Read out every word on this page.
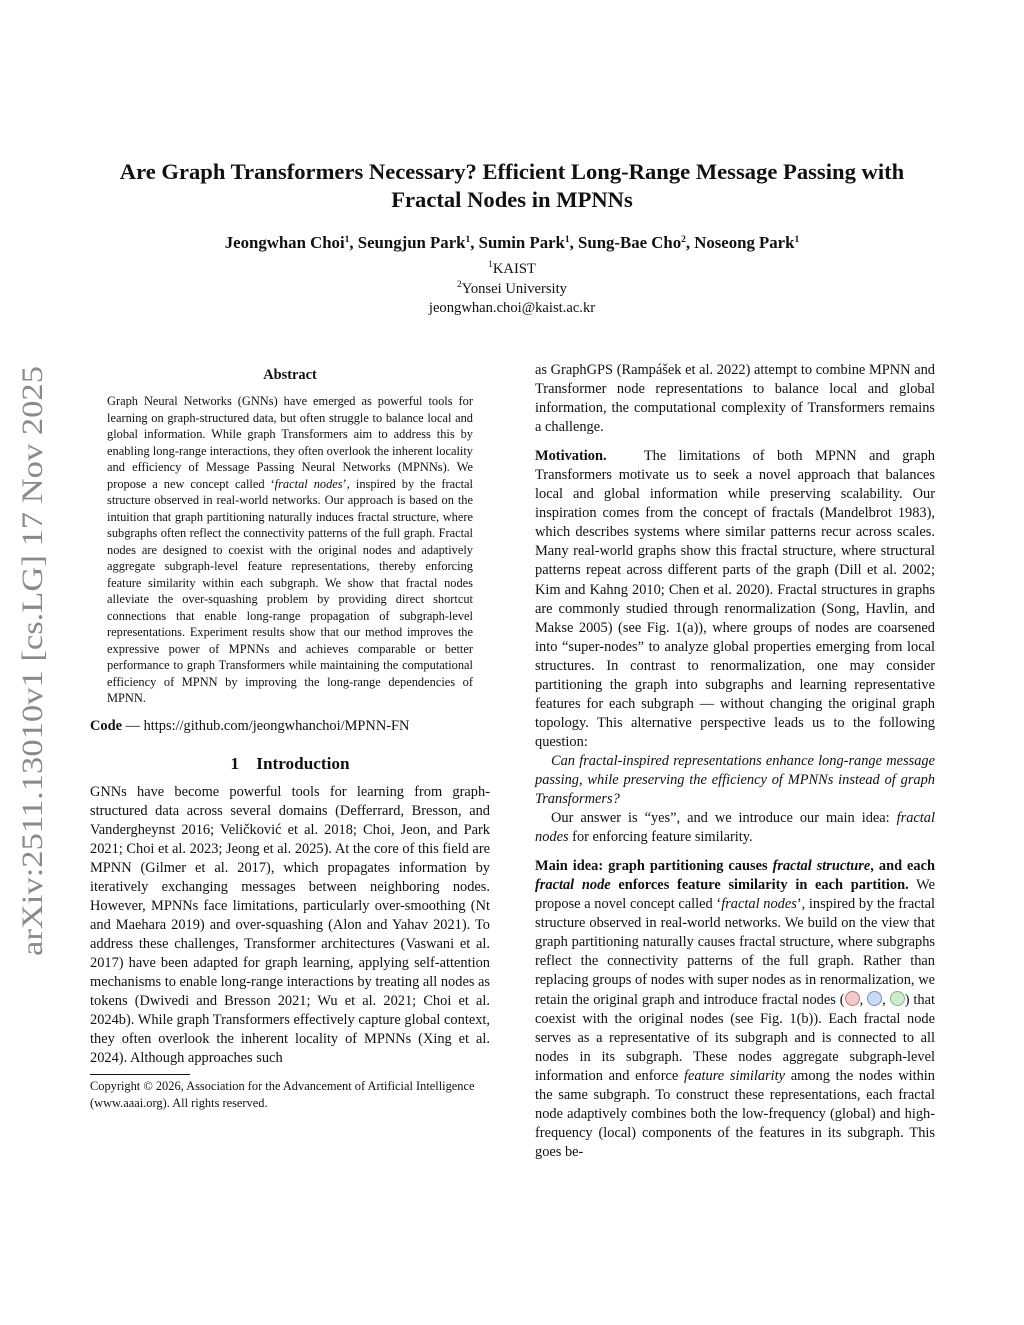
arXiv:2511.13010v1 [cs.LG] 17 Nov 2025
Are Graph Transformers Necessary? Efficient Long-Range Message Passing with
Fractal Nodes in MPNNs
Jeongwhan Choi$^1$, Seungjun Park$^1$, Sumin Park$^1$, Sung-Bae Cho$^2$, Noseong Park$^1$
$^1$KAIST
$^2$Yonsei University
jeongwhan.choi@kaist.ac.kr
Abstract

Graph Neural Networks (GNNs) have emerged as powerful tools for learning on graph-structured data, but often struggle to balance local and global information. While graph Transformers aim to address this by enabling long-range interactions, they often overlook the inherent locality and efficiency of Message Passing Neural Networks (MPNNs). We propose a new concept called ‘fractal nodes’, inspired by the fractal structure observed in real-world networks. Our approach is based on the intuition that graph partitioning naturally induces fractal structure, where subgraphs often reflect the connectivity patterns of the full graph. Fractal nodes are designed to coexist with the original nodes and adaptively aggregate subgraph-level feature representations, thereby enforcing feature similarity within each subgraph. We show that fractal nodes alleviate the over-squashing problem by providing direct shortcut connections that enable long-range propagation of subgraph-level representations. Experiment results show that our method improves the expressive power of MPNNs and achieves comparable or better performance to graph Transformers while maintaining the computational efficiency of MPNN by improving the long-range dependencies of MPNN.

Code — https://github.com/jeongwhanchoi/MPNN-FN

1 Introduction

GNNs have become powerful tools for learning from graph-structured data across several domains (Defferrard, Bresson, and Vandergheynst 2016; Veličković et al. 2018; Choi, Jeon, and Park 2021; Choi et al. 2023; Jeong et al. 2025). At the core of this field are MPNN (Gilmer et al. 2017), which propagates information by iteratively exchanging messages between neighboring nodes. However, MPNNs face limitations, particularly over-smoothing (Nt and Maehara 2019) and over-squashing (Alon and Yahav 2021). To address these challenges, Transformer architectures (Vaswani et al. 2017) have been adapted for graph learning, applying self-attention mechanisms to enable long-range interactions by treating all nodes as tokens (Dwivedi and Bresson 2021; Wu et al. 2021; Choi et al. 2024b). While graph Transformers effectively capture global context, they often overlook the inherent locality of MPNNs (Xing et al. 2024). Although approaches such

Copyright © 2026, Association for the Advancement of Artificial Intelligence (www.aaai.org). All rights reserved.

as GraphGPS (Rampášek et al. 2022) attempt to combine MPNN and Transformer node representations to balance local and global information, the computational complexity of Transformers remains a challenge.

Motivation.	The limitations of both MPNN and graph Transformers motivate us to seek a novel approach that balances local and global information while preserving scalability. Our inspiration comes from the concept of fractals (Mandelbrot 1983), which describes systems where similar patterns recur across scales. Many real-world graphs show this fractal structure, where structural patterns repeat across different parts of the graph (Dill et al. 2002; Kim and Kahng 2010; Chen et al. 2020). Fractal structures in graphs are commonly studied through renormalization (Song, Havlin, and Makse 2005) (see Fig. 1(a)), where groups of nodes are coarsened into “super-nodes” to analyze global properties emerging from local structures. In contrast to renormalization, one may consider partitioning the graph into subgraphs and learning representative features for each subgraph — without changing the original graph topology. This alternative perspective leads us to the following question:

Can fractal-inspired representations enhance long-range message passing, while preserving the efficiency of MPNNs instead of graph Transformers?

Our answer is “yes”, and we introduce our main idea: fractal nodes for enforcing feature similarity.

Main idea: graph partitioning causes fractal structure, and each fractal node enforces feature similarity in each partition. We propose a novel concept called ‘fractal nodes’, inspired by the fractal structure observed in real-world networks. We build on the view that graph partitioning naturally causes fractal structure, where subgraphs reflect the connectivity patterns of the full graph. Rather than replacing groups of nodes with super nodes as in renormalization, we retain the original graph and introduce fractal nodes ( , , ) that coexist with the original nodes (see Fig. 1(b)). Each fractal node serves as a representative of its subgraph and is connected to all nodes in its subgraph. These nodes aggregate subgraph-level information and enforce feature similarity among the nodes within the same subgraph. To construct these representations, each fractal node adaptively combines both the low-frequency (global) and high-frequency (local) components of the features in its subgraph. This goes be-
